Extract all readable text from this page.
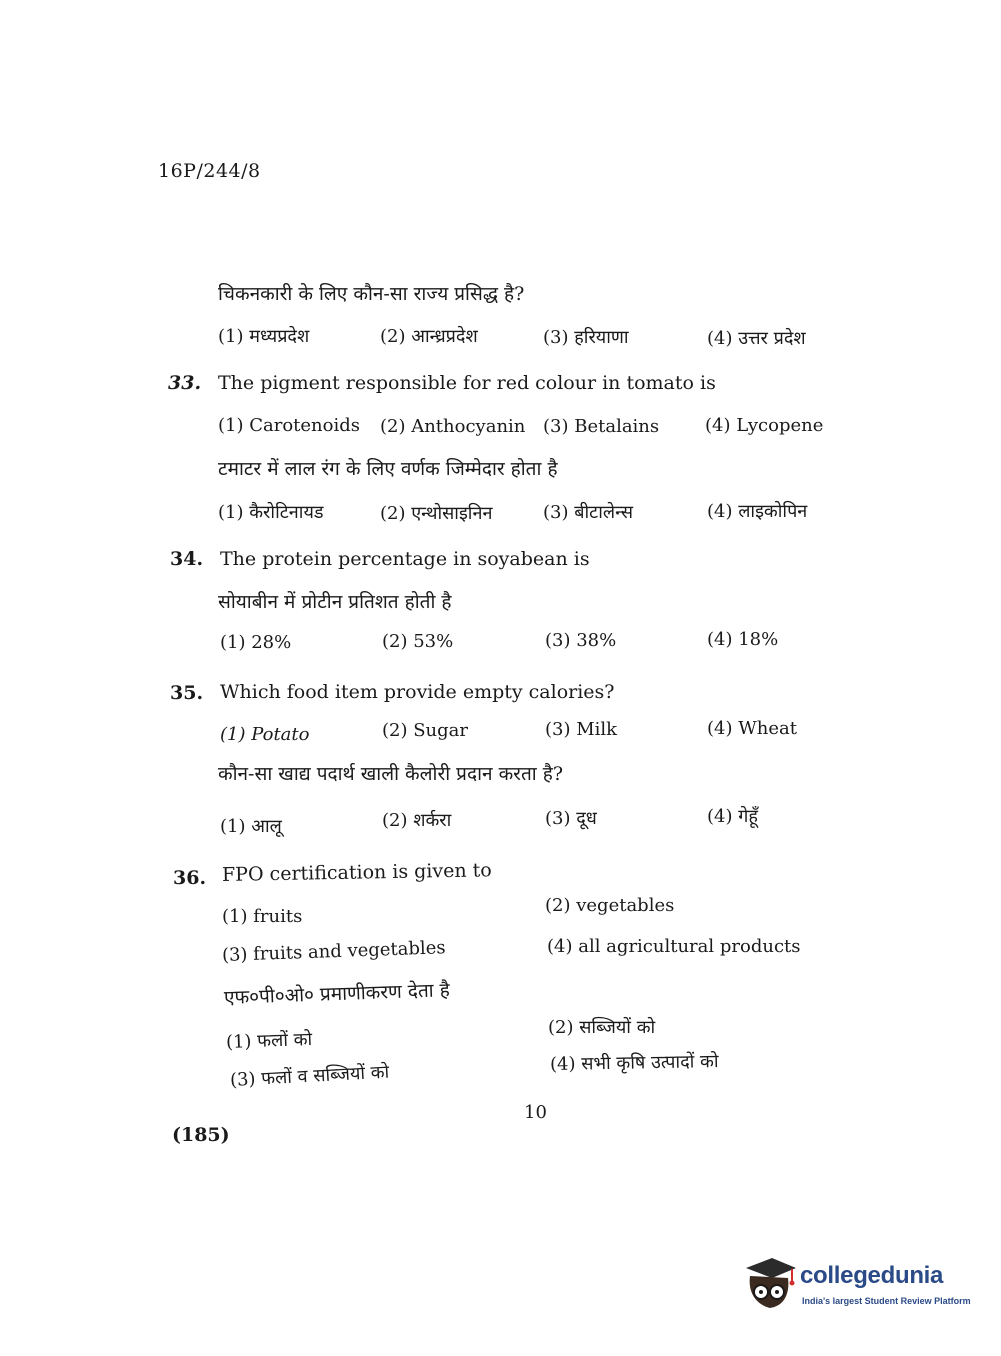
16P/244/8
चिकनकारी के लिए कौन-सा राज्य प्रसिद्ध है?
(1) मध्यप्रदेश	(2) आन्ध्रप्रदेश	(3) हरियाणा	(4) उत्तर प्रदेश
33. The pigment responsible for red colour in tomato is
(1) Carotenoids (2) Anthocyanin (3) Betalains	(4) Lycopene
टमाटर में लाल रंग के लिए वर्णक जिम्मेदार होता है
(1) कैरोटिनायड	(2) एन्थोसाइनिन	(3) बीटालेन्स	(4) लाइकोपिन
34. The protein percentage in soyabean is
सोयाबीन में प्रोटीन प्रतिशत होती है
(1) 28%	(2) 53%	(3) 38%	(4) 18%
35. Which food item provide empty calories?
(1) Potato	(2) Sugar	(3) Milk	(4) Wheat
कौन-सा खाद्य पदार्थ खाली कैलोरी प्रदान करता है?
(1) आलू	(2) शर्करा	(3) दूध	(4) गेहूँ
36. FPO certification is given to
(1) fruits
(2) vegetables
(3) fruits and vegetables	(4) all agricultural products
एफ०पी०ओ० प्रमाणीकरण देता है
(1) फलों को
(2) सब्जियों को
(3) फलों व सब्जियों को	(4) सभी कृषि उत्पादों को
10
(185)
collegedunia
India's largest Student Review Platform
